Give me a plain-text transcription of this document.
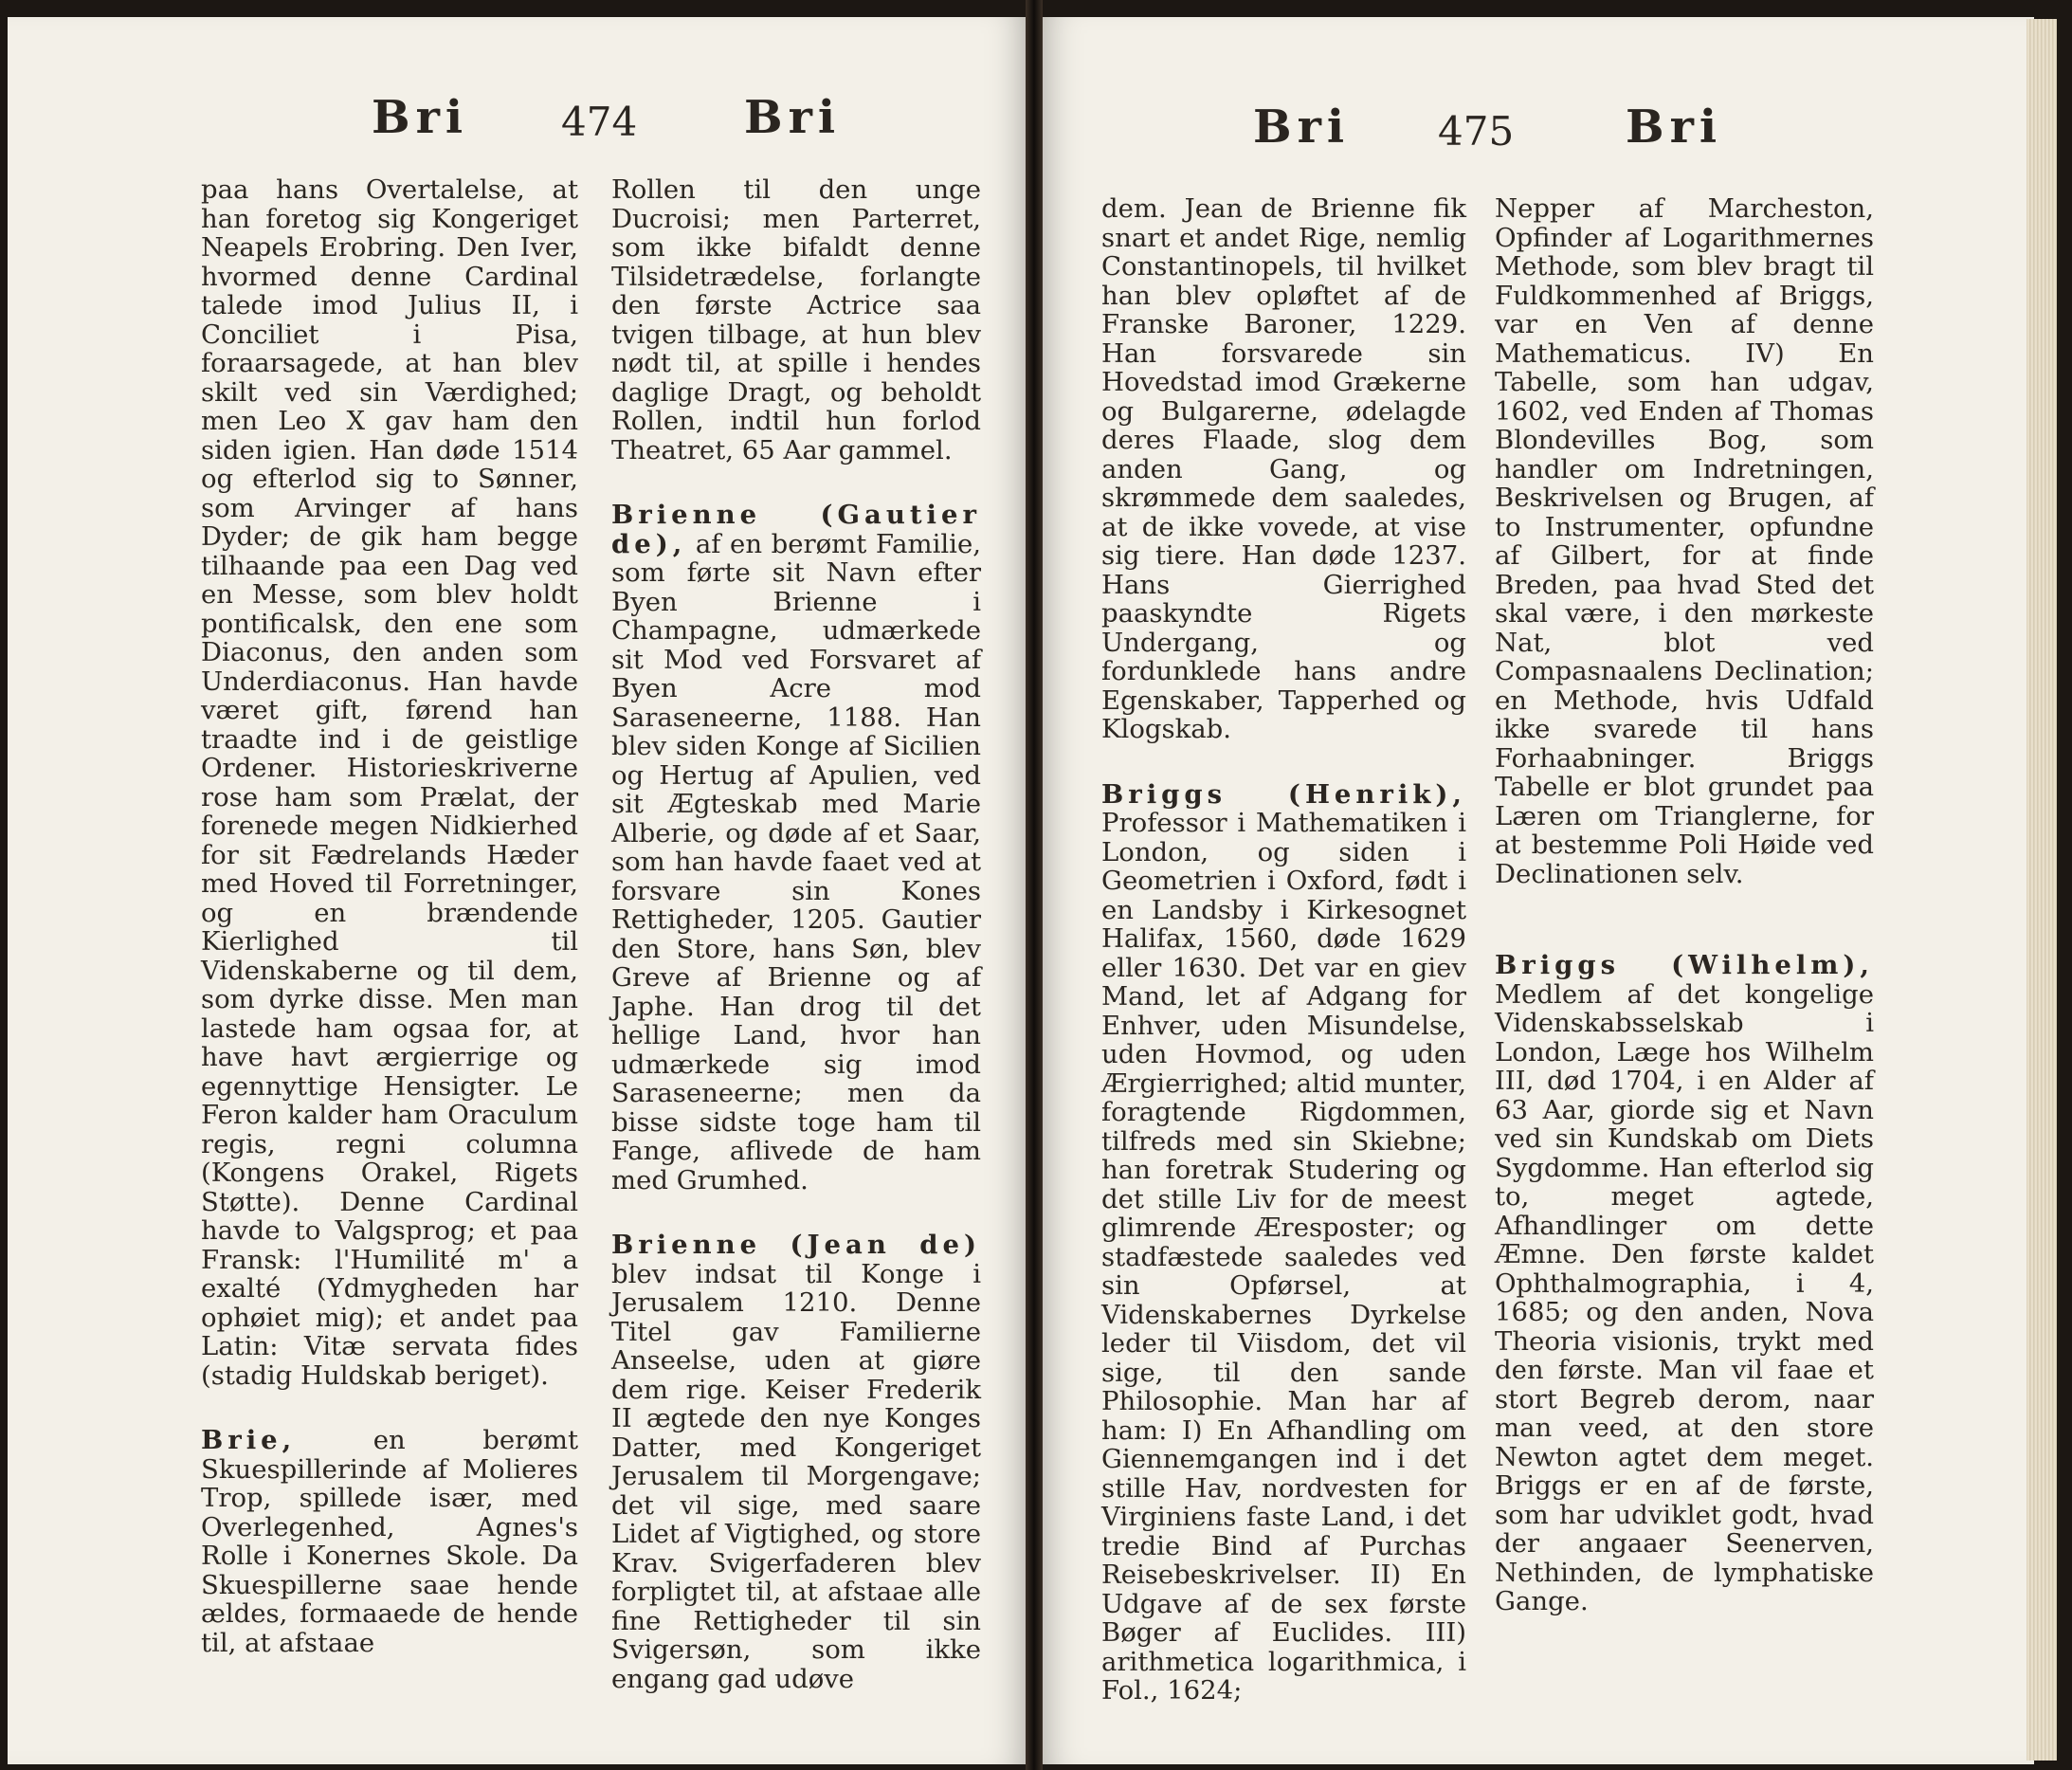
Bri 474 Bri	Bri 475 Bri

paa hans Overtalelse, at han foretog sig Kongeriget Neapels Erobring. Den Iver, hvormed denne Cardinal talede imod Julius II, i Conciliet i Pisa, foraarsagede, at han blev skilt ved sin Værdighed; men Leo X gav ham den siden igien. Han døde 1514 og efterlod sig to Sønner, som Arvinger af hans Dyder; de gik ham begge tilhaande paa een Dag ved en Messe, som blev holdt pontificalsk, den ene som Diaconus, den anden som Underdiaconus. Han havde været gift, førend han traadte ind i de geistlige Ordener. Historieskriverne rose ham som Prælat, der forenede megen Nidkierhed for sit Fædrelands Hæder med Hoved til Forretninger, og en brændende Kierlighed til Videnskaberne og til dem, som dyrke disse. Men man lastede ham ogsaa for, at have havt ærgierrige og egennyttige Hensigter. Le Feron kalder ham Oraculum regis, regni columna (Kongens Orakel, Rigets Støtte). Denne Cardinal havde to Valgsprog; et paa Fransk: l'Humilité m' a exalté (Ydmygheden har ophøiet mig); et andet paa Latin: Vitæ servata fides (stadig Huldskab beriget).

Brie,	en berømt Skuespillerinde af Molieres Trop, spillede især, med Overlegenhed, Agnes's Rolle i Konernes Skole. Da Skuespillerne saae hende ældes, formaaede de hende til, at afstaae

Rollen til den unge Ducroisi; men Parterret, som ikke bifaldt denne Tilsidetrædelse, forlangte den første Actrice saa tvigen tilbage, at hun blev nødt til, at spille i hendes daglige Dragt, og beholdt Rollen, indtil hun forlod Theatret, 65 Aar gammel.

Brienne (Gautier de), af en berømt Familie, som førte sit Navn efter Byen Brienne i Champagne, udmærkede sit Mod ved Forsvaret af Byen Acre mod Saraseneerne, 1188. Han blev siden Konge af Sicilien og Hertug af Apulien, ved sit Ægteskab med Marie Alberie, og døde af et Saar, som han havde faaet ved at forsvare sin Kones Rettigheder, 1205. Gautier den Store, hans Søn, blev Greve af Brienne og af Japhe. Han drog til det hellige Land, hvor han udmærkede sig imod Saraseneerne; men da bisse sidste toge ham til Fange, aflivede de ham med Grumhed.

Brienne (Jean de) blev indsat til Konge i Jerusalem 1210. Denne Titel gav Familierne Anseelse, uden at giøre dem rige. Keiser Frederik II ægtede den nye Konges Datter, med Kongeriget Jerusalem til Morgengave; det vil sige, med saare Lidet af Vigtighed, og store Krav. Svigerfaderen blev forpligtet til, at afstaae alle fine Rettigheder til sin Svigersøn, som ikke engang gad udøve

dem. Jean de Brienne fik snart et andet Rige, nemlig Constantinopels, til hvilket han blev opløftet af de Franske Baroner, 1229. Han forsvarede sin Hovedstad imod Grækerne og Bulgarerne, ødelagde deres Flaade, slog dem anden Gang, og skrømmede dem saaledes, at de ikke vovede, at vise sig tiere. Han døde 1237. Hans Gierrighed paaskyndte Rigets Undergang, og fordunklede hans andre Egenskaber, Tapperhed og Klogskab.

Briggs (Henrik), Professor i Mathematiken i London, og siden i Geometrien i Oxford, født i en Landsby i Kirkesognet Halifax, 1560, døde 1629 eller 1630. Det var en giev Mand, let af Adgang for Enhver, uden Misundelse, uden Hovmod, og uden Ærgierrighed; altid munter, foragtende Rigdommen, tilfreds med sin Skiebne; han foretrak Studering og det stille Liv for de meest glimrende Æresposter; og stadfæstede saaledes ved sin Opførsel, at Videnskabernes Dyrkelse leder til Viisdom, det vil sige, til den sande Philosophie. Man har af ham: I) En Afhandling om Giennemgangen ind i det stille Hav, nordvesten for Virginiens faste Land, i det tredie Bind af Purchas Reisebeskrivelser. II) En Udgave af de sex første Bøger af Euclides. III) arithmetica logarithmica, i Fol., 1624;

Nepper af Marcheston, Opfinder af Logarithmernes Methode, som blev bragt til Fuldkommenhed af Briggs, var en Ven af denne Mathematicus. IV) En Tabelle, som han udgav, 1602, ved Enden af Thomas Blondevilles Bog, som handler om Indretningen, Beskrivelsen og Brugen, af to Instrumenter, opfundne af Gilbert, for at finde Breden, paa hvad Sted det skal være, i den mørkeste Nat, blot ved Compasnaalens Declination; en Methode, hvis Udfald ikke svarede til hans Forhaabninger. Briggs Tabelle er blot grundet paa Læren om Trianglerne, for at bestemme Poli Høide ved Declinationen selv.

Briggs (Wilhelm), Medlem af det kongelige Videnskabsselskab i London, Læge hos Wilhelm III, død 1704, i en Alder af 63 Aar, giorde sig et Navn ved sin Kundskab om Diets Sygdomme. Han efterlod sig to, meget agtede, Afhandlinger om dette Æmne. Den første kaldet Ophthalmographia, i 4, 1685; og den anden, Nova Theoria visionis, trykt med den første. Man vil faae et stort Begreb derom, naar man veed, at den store Newton agtet dem meget. Briggs er en af de første, som har udviklet godt, hvad der angaaer Seenerven, Nethinden, de lymphatiske Gange.
